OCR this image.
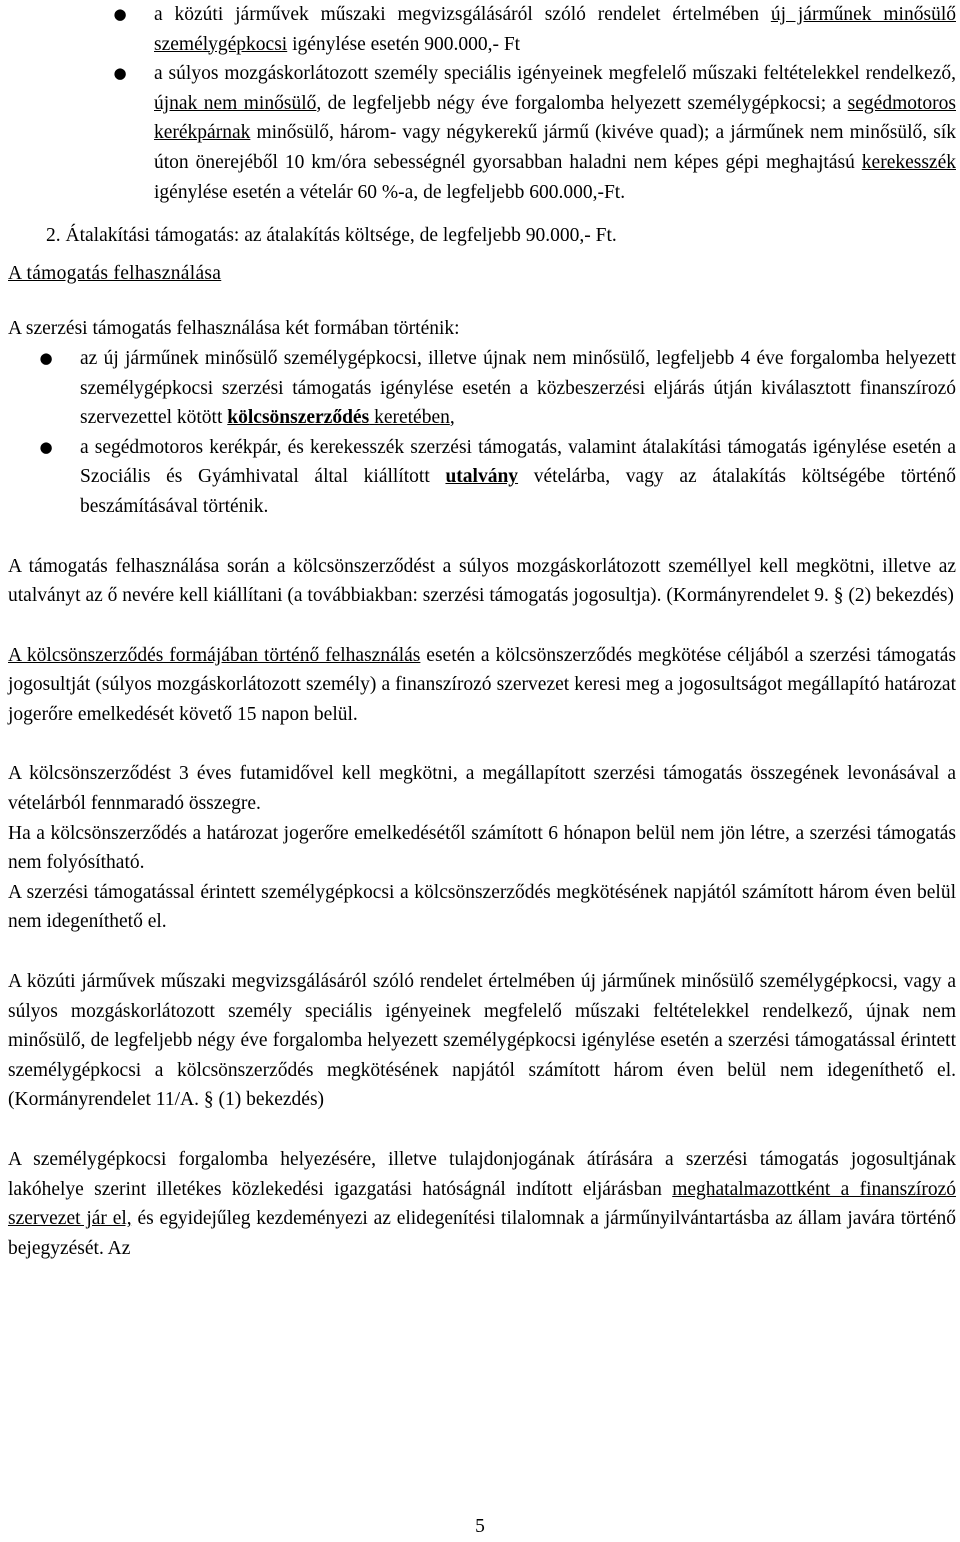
● a közúti járművek műszaki megvizsgálásáról szóló rendelet értelmében új járműnek minősülő személygépkocsi igénylése esetén 900.000,- Ft
● a súlyos mozgáskorlátozott személy speciális igényeinek megfelelő műszaki feltételekkel rendelkező, újnak nem minősülő, de legfeljebb négy éve forgalomba helyezett személygépkocsi; a segédmotoros kerékpárnak minősülő, három- vagy négykerekű jármű (kivéve quad); a járműnek nem minősülő, sík úton önerejéből 10 km/óra sebességnél gyorsabban haladni nem képes gépi meghajtású kerekesszék igénylése esetén a vételár 60 %-a, de legfeljebb 600.000,-Ft.

2. Átalakítási támogatás: az átalakítás költsége, de legfeljebb 90.000,- Ft.

A támogatás felhasználása

A szerzési támogatás felhasználása két formában történik:

● az új járműnek minősülő személygépkocsi, illetve újnak nem minősülő, legfeljebb 4 éve forgalomba helyezett személygépkocsi szerzési támogatás igénylése esetén a közbeszerzési eljárás útján kiválasztott finanszírozó szervezettel kötött kölcsönszerződés keretében,
● a segédmotoros kerékpár, és kerekesszék szerzési támogatás, valamint átalakítási támogatás igénylése esetén a Szociális és Gyámhivatal által kiállított utalvány vételárba, vagy az átalakítás költségébe történő beszámításával történik.

A támogatás felhasználása során a kölcsönszerződést a súlyos mozgáskorlátozott személlyel kell megkötni, illetve az utalványt az ő nevére kell kiállítani (a továbbiakban: szerzési támogatás jogosultja). (Kormányrendelet 9. § (2) bekezdés)

A kölcsönszerződés formájában történő felhasználás esetén a kölcsönszerződés megkötése céljából a szerzési támogatás jogosultját (súlyos mozgáskorlátozott személy) a finanszírozó szervezet keresi meg a jogosultságot megállapító határozat jogerőre emelkedését követő 15 napon belül.

A kölcsönszerződést 3 éves futamidővel kell megkötni, a megállapított szerzési támogatás összegének levonásával a vételárból fennmaradó összegre.

Ha a kölcsönszerződés a határozat jogerőre emelkedésétől számított 6 hónapon belül nem jön létre, a szerzési támogatás nem folyósítható.

A szerzési támogatással érintett személygépkocsi a kölcsönszerződés megkötésének napjától számított három éven belül nem idegeníthető el.

A közúti járművek műszaki megvizsgálásáról szóló rendelet értelmében új járműnek minősülő személygépkocsi, vagy a súlyos mozgáskorlátozott személy speciális igényeinek megfelelő műszaki feltételekkel rendelkező, újnak nem minősülő, de legfeljebb négy éve forgalomba helyezett személygépkocsi igénylése esetén a szerzési támogatással érintett személygépkocsi a kölcsönszerződés megkötésének napjától számított három éven belül nem idegeníthető el. (Kormányrendelet 11/A. § (1) bekezdés)

A személygépkocsi forgalomba helyezésére, illetve tulajdonjogának átírására a szerzési támogatás jogosultjának lakóhelye szerint illetékes közlekedési igazgatási hatóságnál indított eljárásban meghatalmazottként a finanszírozó szervezet jár el, és egyidejűleg kezdeményezi az elidegenítési tilalomnak a járműnyilvántartásba az állam javára történő bejegyzését. Az

5
